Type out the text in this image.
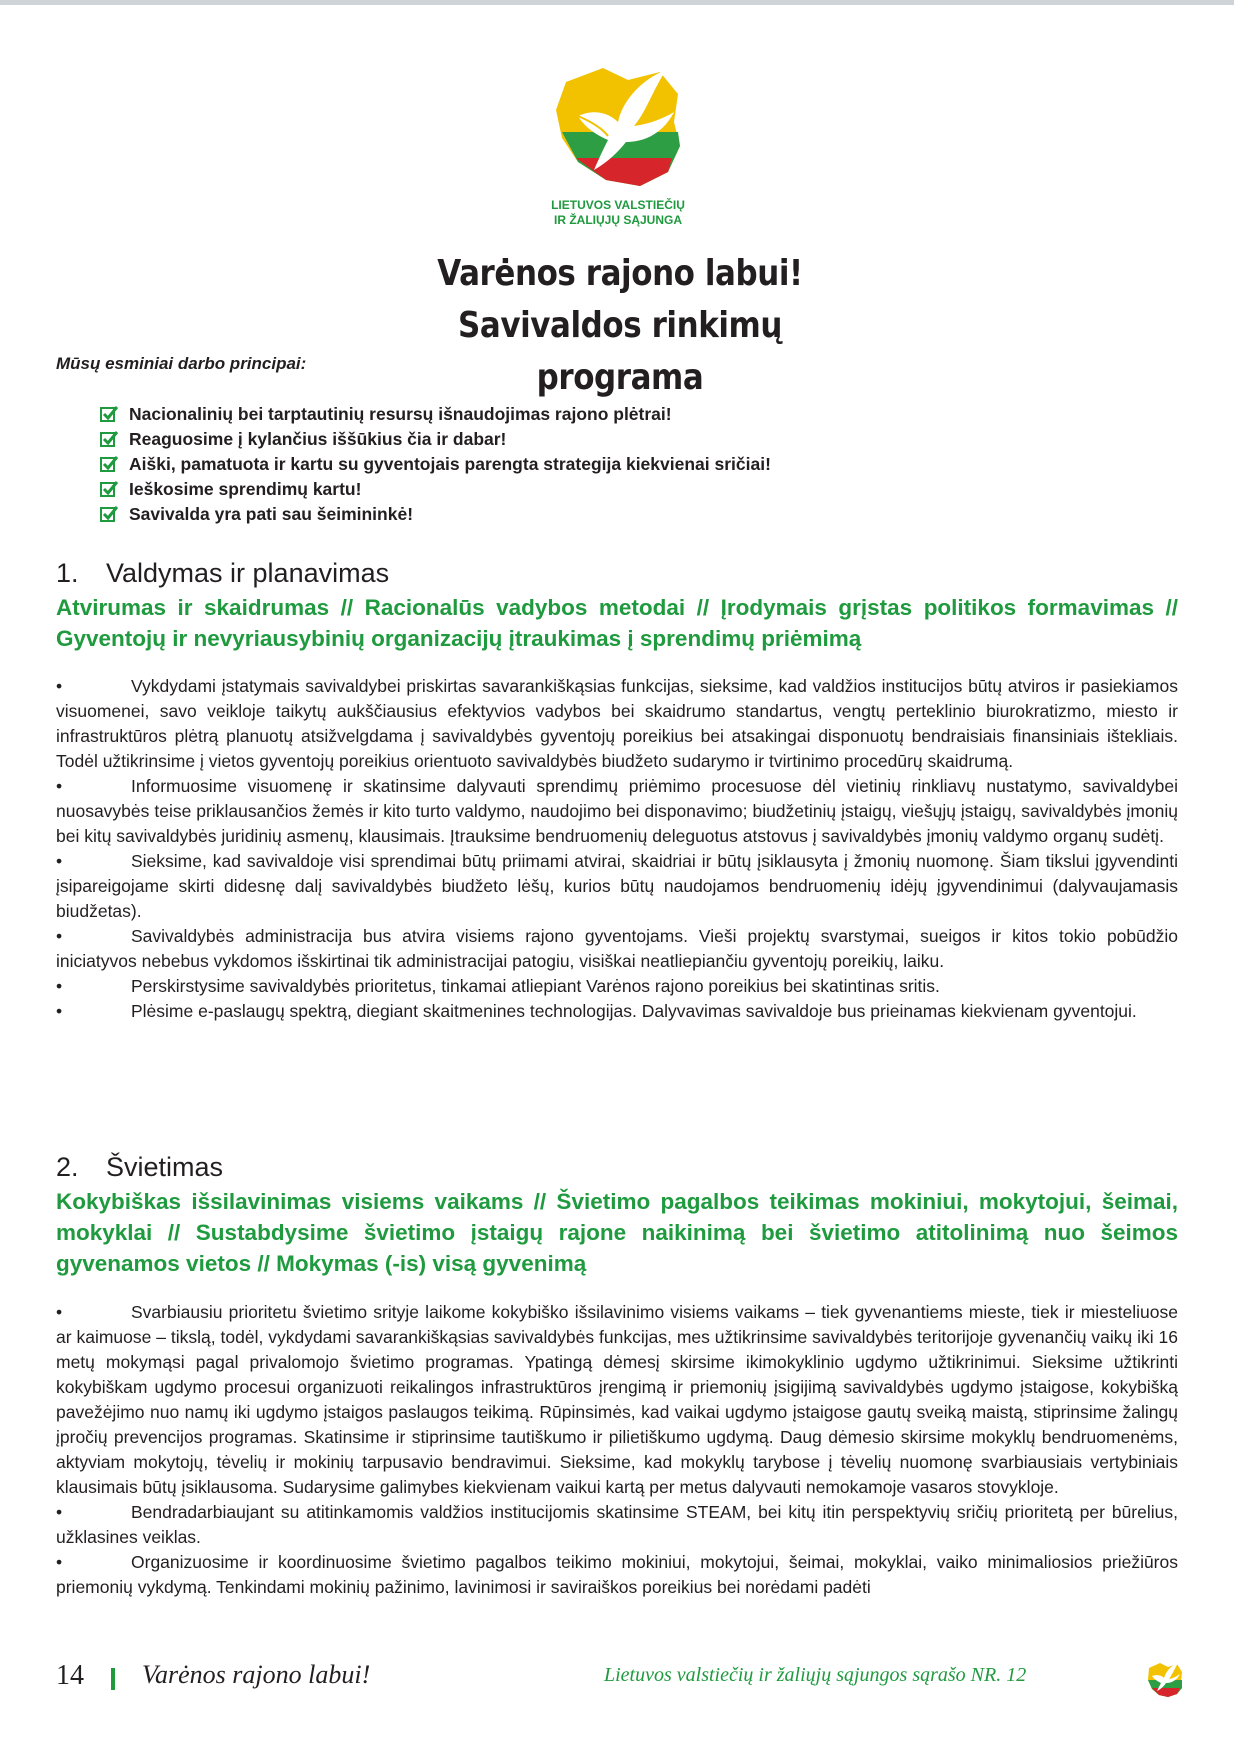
LIETUVOS VALSTIEČIŲ
IR ŽALIŲJŲ SĄJUNGA
Varėnos rajono labui!
Savivaldos rinkimų programa
Mūsų esminiai darbo principai:
Nacionalinių bei tarptautinių resursų išnaudojimas rajono plėtrai!
Reaguosime į kylančius iššūkius čia ir dabar!
Aiški, pamatuota ir kartu su gyventojais parengta strategija kiekvienai sričiai!
Ieškosime sprendimų kartu!
Savivalda yra pati sau šeimininkė!
1. Valdymas ir planavimas
Atvirumas ir skaidrumas // Racionalūs vadybos metodai // Įrodymais grįstas politikos formavimas // Gyventojų ir nevyriausybinių organizacijų įtraukimas į sprendimų priėmimą
• Vykdydami įstatymais savivaldybei priskirtas savarankiškąsias funkcijas, sieksime, kad valdžios institucijos būtų atviros ir pasiekiamos visuomenei, savo veikloje taikytų aukščiausius efektyvios vadybos bei skaidrumo standartus, vengtų perteklinio biurokratizmo, miesto ir infrastruktūros plėtrą planuotų atsižvelgdama į savivaldybės gyventojų poreikius bei atsakingai disponuotų bendraisiais finansiniais ištekliais. Todėl užtikrinsime į vietos gyventojų poreikius orientuoto savivaldybės biudžeto sudarymo ir tvirtinimo procedūrų skaidrumą.
• Informuosime visuomenę ir skatinsime dalyvauti sprendimų priėmimo procesuose dėl vietinių rinkliavų nustatymo, savivaldybei nuosavybės teise priklausančios žemės ir kito turto valdymo, naudojimo bei disponavimo; biudžetinių įstaigų, viešųjų įstaigų, savivaldybės įmonių bei kitų savivaldybės juridinių asmenų, klausimais. Įtrauksime bendruomenių deleguotus atstovus į savivaldybės įmonių valdymo organų sudėtį.
• Sieksime, kad savivaldoje visi sprendimai būtų priimami atvirai, skaidriai ir būtų įsiklausyta į žmonių nuomonę. Šiam tikslui įgyvendinti įsipareigojame skirti didesnę dalį savivaldybės biudžeto lėšų, kurios būtų naudojamos bendruomenių idėjų įgyvendinimui (dalyvaujamasis biudžetas).
• Savivaldybės administracija bus atvira visiems rajono gyventojams. Vieši projektų svarstymai, sueigos ir kitos tokio pobūdžio iniciatyvos nebebus vykdomos išskirtinai tik administracijai patogiu, visiškai neatliepiančiu gyventojų poreikių, laiku.
• Perskirstysime savivaldybės prioritetus, tinkamai atliepiant Varėnos rajono poreikius bei skatintinas sritis.
• Plėsime e-paslaugų spektrą, diegiant skaitmenines technologijas. Dalyvavimas savivaldoje bus prieinamas kiekvienam gyventojui.
2. Švietimas
Kokybiškas išsilavinimas visiems vaikams // Švietimo pagalbos teikimas mokiniui, mokytojui, šeimai, mokyklai // Sustabdysime švietimo įstaigų rajone naikinimą bei švietimo atitolinimą nuo šeimos gyvenamos vietos // Mokymas (-is) visą gyvenimą
• Svarbiausiu prioritetu švietimo srityje laikome kokybiško išsilavinimo visiems vaikams – tiek gyvenantiems mieste, tiek ir miesteliuose ar kaimuose – tikslą, todėl, vykdydami savarankiškąsias savivaldybės funkcijas, mes užtikrinsime savivaldybės teritorijoje gyvenančių vaikų iki 16 metų mokymąsi pagal privalomojo švietimo programas. Ypatingą dėmesį skirsime ikimokyklinio ugdymo užtikrinimui. Sieksime užtikrinti kokybiškam ugdymo procesui organizuoti reikalingos infrastruktūros įrengimą ir priemonių įsigijimą savivaldybės ugdymo įstaigose, kokybišką pavežėjimo nuo namų iki ugdymo įstaigos paslaugos teikimą. Rūpinsimės, kad vaikai ugdymo įstaigose gautų sveiką maistą, stiprinsime žalingų įpročių prevencijos programas. Skatinsime ir stiprinsime tautiškumo ir pilietiškumo ugdymą. Daug dėmesio skirsime mokyklų bendruomenėms, aktyviam mokytojų, tėvelių ir mokinių tarpusavio bendravimui. Sieksime, kad mokyklų tarybose į tėvelių nuomonę svarbiausiais vertybiniais klausimais būtų įsiklausoma. Sudarysime galimybes kiekvienam vaikui kartą per metus dalyvauti nemokamoje vasaros stovykloje.
• Bendradarbiaujant su atitinkamomis valdžios institucijomis skatinsime STEAM, bei kitų itin perspektyvių sričių prioritetą per būrelius, užklasines veiklas.
• Organizuosime ir koordinuosime švietimo pagalbos teikimo mokiniui, mokytojui, šeimai, mokyklai, vaiko minimaliosios priežiūros priemonių vykdymą. Tenkindami mokinių pažinimo, lavinimosi ir saviraiškos poreikius bei norėdami padėti
14 Varėnos rajono labui!	Lietuvos valstiečių ir žaliųjų sąjungos sąrašo NR. 12
